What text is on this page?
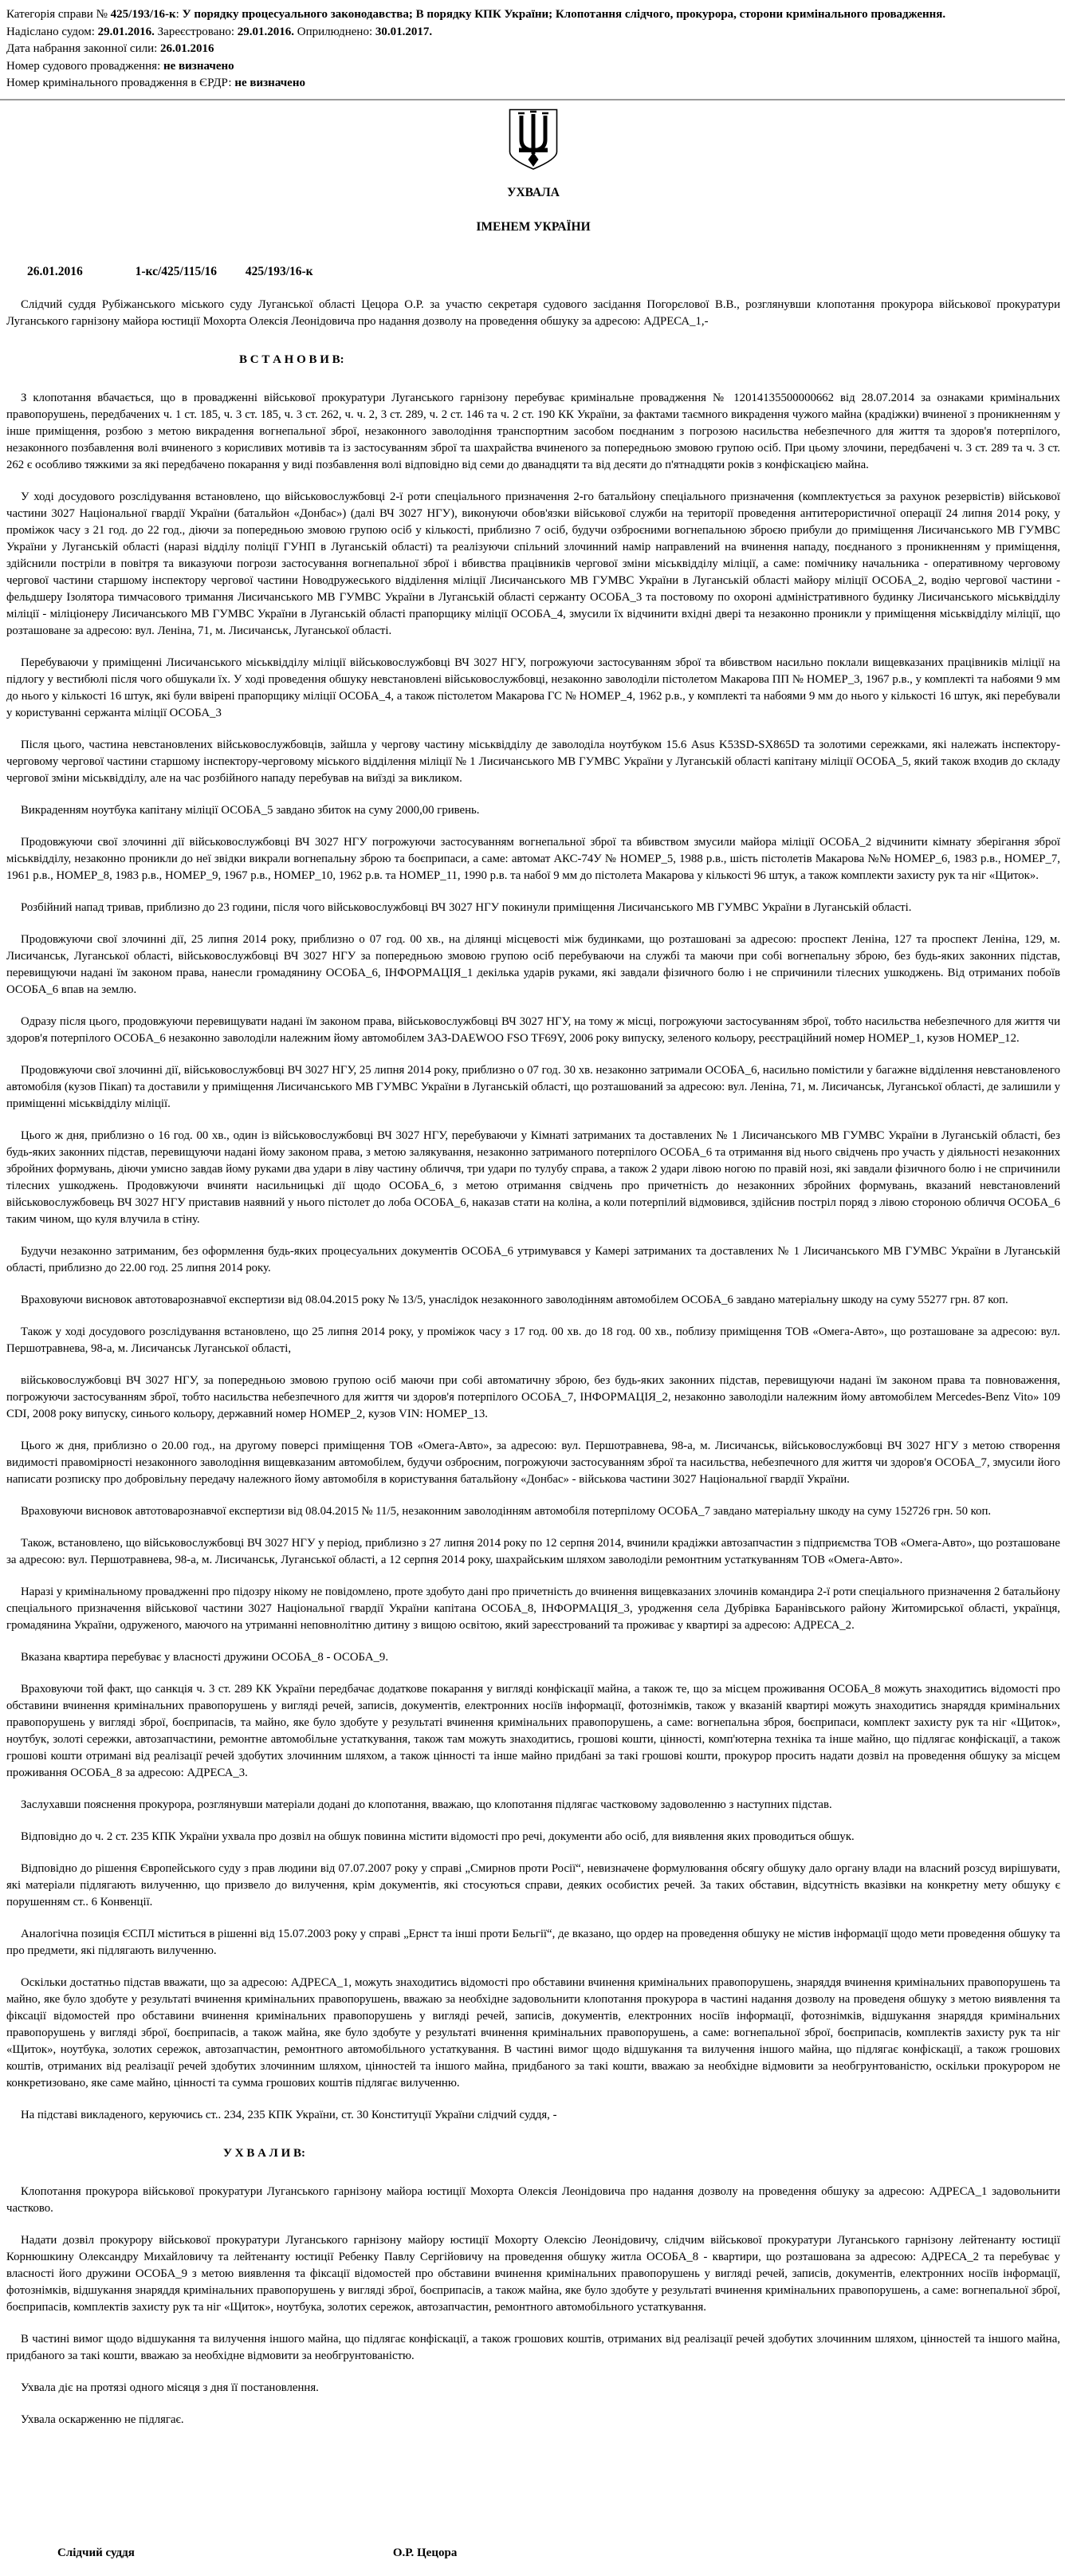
Категорія справи № 425/193/16-к: У порядку процесуального законодавства; В порядку КПК України; Клопотання слідчого, прокурора, сторони кримінального провадження.
Надіслано судом: 29.01.2016. Зареєстровано: 29.01.2016. Оприлюднено: 30.01.2017.
Дата набрання законної сили: 26.01.2016
Номер судового провадження: не визначено
Номер кримінального провадження в ЄРДР: не визначено
УХВАЛА
ІМЕНЕМ УКРАЇНИ
26.01.2016	1-кс/425/115/16 425/193/16-к

Слідчий суддя Рубіжанського міського суду Луганської області Цецора О.Р. за участю секретаря судового засідання Погорєлової В.В., розглянувши клопотання прокурора військової прокуратури Луганського гарнізону майора юстиції Мохорта Олексія Леонідовича про надання дозволу на проведення обшуку за адресою: АДРЕСА_1,-

В С Т А Н О В И В:

З клопотання вбачається, що в провадженні військової прокуратури Луганського гарнізону перебуває кримінальне провадження № 12014135500000662 від 28.07.2014 за ознаками кримінальних правопорушень, передбачених ч. 1 ст. 185, ч. 3 ст. 185, ч. 3 ст. 262, ч. ч. 2, 3 ст. 289, ч. 2 ст. 146 та ч. 2 ст. 190 КК України, за фактами таємного викрадення чужого майна (крадіжки) вчиненої з проникненням у інше приміщення, розбою з метою викрадення вогнепальної зброї, незаконного заволодіння транспортним засобом поєднаним з погрозою насильства небезпечного для життя та здоров'я потерпілого, незаконного позбавлення волі вчиненого з корисливих мотивів та із застосуванням зброї та шахрайства вчиненого за попередньою змовою групою осіб. При цьому злочини, передбачені ч. 3 ст. 289 та ч. 3 ст. 262 є особливо тяжкими за які передбачено покарання у виді позбавлення волі відповідно від семи до дванадцяти та від десяти до п'ятнадцяти років з конфіскацією майна.

У ході досудового розслідування встановлено, що військовослужбовці 2-ї роти спеціального призначення 2-го батальйону спеціального призначення (комплектується за рахунок резервістів) військової частини 3027 Національної гвардії України (батальйон «Донбас») (далі ВЧ 3027 НГУ), виконуючи обов'язки військової служби на території проведення антитерористичної операції 24 липня 2014 року, у проміжок часу з 21 год. до 22 год., діючи за попередньою змовою групою осіб у кількості, приблизно 7 осіб, будучи озброєними вогнепальною зброєю прибули до приміщення Лисичанського МВ ГУМВС України у Луганській області (наразі відділу поліції ГУНП в Луганській області) та реалізуючи спільний злочинний намір направлений на вчинення нападу, поєднаного з проникненням у приміщення, здійснили постріли в повітря та виказуючи погрози застосування вогнепальної зброї і вбивства працівників чергової зміни міськвідділу міліції, а саме: помічнику начальника - оперативному черговому чергової частини старшому інспектору чергової частини Новодружеського відділення міліції Лисичанського МВ ГУМВС України в Луганській області майору міліції ОСОБА_2, водію чергової частини - фельдшеру Ізолятора тимчасового тримання Лисичанського МВ ГУМВС України в Луганській області сержанту ОСОБА_3 та постовому по охороні адміністративного будинку Лисичанського міськвідділу міліції - міліціонеру Лисичанського МВ ГУМВС України в Луганській області прапорщику міліції ОСОБА_4, змусили їх відчинити вхідні двері та незаконно проникли у приміщення міськвідділу міліції, що розташоване за адресою: вул. Леніна, 71, м. Лисичанськ, Луганської області.

Перебуваючи у приміщенні Лисичанського міськвідділу міліції військовослужбовці ВЧ 3027 НГУ, погрожуючи застосуванням зброї та вбивством насильно поклали вищевказаних працівників міліції на підлогу у вестибюлі після чого обшукали їх. У ході проведення обшуку невстановлені військовослужбовці, незаконно заволоділи пістолетом Макарова ПП № НОМЕР_3, 1967 р.в., у комплекті та набоями 9 мм до нього у кількості 16 штук, які були ввірені прапорщику міліції ОСОБА_4, а також пістолетом Макарова ГС № НОМЕР_4, 1962 р.в., у комплекті та набоями 9 мм до нього у кількості 16 штук, які перебували у користуванні сержанта міліції ОСОБА_3

Після цього, частина невстановлених військовослужбовців, зайшла у чергову частину міськвідділу де заволоділа ноутбуком 15.6 Asus K53SD-SX865D та золотими сережками, які належать інспектору-черговому чергової частини старшому інспектору-черговому міського відділення міліції № 1 Лисичанського МВ ГУМВС України у Луганській області капітану міліції ОСОБА_5, який також входив до складу чергової зміни міськвідділу, але на час розбійного нападу перебував на виїзді за викликом.

Викраденням ноутбука капітану міліції ОСОБА_5 завдано збиток на суму 2000,00 гривень.

Продовжуючи свої злочинні дії військовослужбовці ВЧ 3027 НГУ погрожуючи застосуванням вогнепальної зброї та вбивством змусили майора міліції ОСОБА_2 відчинити кімнату зберігання зброї міськвідділу, незаконно проникли до неї звідки викрали вогнепальну зброю та боєприпаси, а саме: автомат АКС-74У № НОМЕР_5, 1988 р.в., шість пістолетів Макарова №№ НОМЕР_6, 1983 р.в., НОМЕР_7, 1961 р.в., НОМЕР_8, 1983 р.в., НОМЕР_9, 1967 р.в., НОМЕР_10, 1962 р.в. та НОМЕР_11, 1990 р.в. та набої 9 мм до пістолета Макарова у кількості 96 штук, а також комплекти захисту рук та ніг «Щиток».

Розбійний напад тривав, приблизно до 23 години, після чого військовослужбовці ВЧ 3027 НГУ покинули приміщення Лисичанського МВ ГУМВС України в Луганській області.

Продовжуючи свої злочинні дії, 25 липня 2014 року, приблизно о 07 год. 00 хв., на ділянці місцевості між будинками, що розташовані за адресою: проспект Леніна, 127 та проспект Леніна, 129, м. Лисичанськ, Луганської області, військовослужбовці ВЧ 3027 НГУ за попередньою змовою групою осіб перебуваючи на службі та маючи при собі вогнепальну зброю, без будь-яких законних підстав, перевищуючи надані їм законом права, нанесли громадянину ОСОБА_6, ІНФОРМАЦІЯ_1 декілька ударів руками, які завдали фізичного болю і не спричинили тілесних ушкоджень. Від отриманих побоїв ОСОБА_6 впав на землю.

Одразу після цього, продовжуючи перевищувати надані їм законом права, військовослужбовці ВЧ 3027 НГУ, на тому ж місці, погрожуючи застосуванням зброї, тобто насильства небезпечного для життя чи здоров'я потерпілого ОСОБА_6 незаконно заволоділи належним йому автомобілем ЗАЗ-DAEWOO FSO TF69Y, 2006 року випуску, зеленого кольору, реєстраційний номер НОМЕР_1, кузов НОМЕР_12.

Продовжуючи свої злочинні дії, військовослужбовці ВЧ 3027 НГУ, 25 липня 2014 року, приблизно о 07 год. 30 хв. незаконно затримали ОСОБА_6, насильно помістили у багажне відділення невстановленого автомобіля (кузов Пікап) та доставили у приміщення Лисичанського МВ ГУМВС України в Луганській області, що розташований за адресою: вул. Леніна, 71, м. Лисичанськ, Луганської області, де залишили у приміщенні міськвідділу міліції.

Цього ж дня, приблизно о 16 год. 00 хв., один із військовослужбовці ВЧ 3027 НГУ, перебуваючи у Кімнаті затриманих та доставлених № 1 Лисичанського МВ ГУМВС України в Луганській області, без будь-яких законних підстав, перевищуючи надані йому законом права, з метою залякування, незаконно затриманого потерпілого ОСОБА_6 та отримання від нього свідчень про участь у діяльності незаконних збройних формувань, діючи умисно завдав йому руками два удари в ліву частину обличчя, три удари по тулубу справа, а також 2 удари лівою ногою по правій нозі, які завдали фізичного болю і не спричинили тілесних ушкоджень. Продовжуючи вчиняти насильницькі дії щодо ОСОБА_6, з метою отримання свідчень про причетність до незаконних збройних формувань, вказаний невстановлений військовослужбовець ВЧ 3027 НГУ приставив наявний у нього пістолет до лоба ОСОБА_6, наказав стати на коліна, а коли потерпілий відмовився, здійснив постріл поряд з лівою стороною обличчя ОСОБА_6 таким чином, що куля влучила в стіну.

Будучи незаконно затриманим, без оформлення будь-яких процесуальних документів ОСОБА_6 утримувався у Камері затриманих та доставлених № 1 Лисичанського МВ ГУМВС України в Луганській області, приблизно до 22.00 год. 25 липня 2014 року.

Враховуючи висновок автотоварознавчої експертизи від 08.04.2015 року № 13/5, унаслідок незаконного заволодінням автомобілем ОСОБА_6 завдано матеріальну шкоду на суму 55277 грн. 87 коп.

Також у ході досудового розслідування встановлено, що 25 липня 2014 року, у проміжок часу з 17 год. 00 хв. до 18 год. 00 хв., поблизу приміщення ТОВ «Омега-Авто», що розташоване за адресою: вул. Першотравнева, 98-а, м. Лисичанськ Луганської області,

військовослужбовці ВЧ 3027 НГУ, за попередньою змовою групою осіб маючи при собі автоматичну зброю, без будь-яких законних підстав, перевищуючи надані їм законом права та повноваження, погрожуючи застосуванням зброї, тобто насильства небезпечного для життя чи здоров'я потерпілого ОСОБА_7, ІНФОРМАЦІЯ_2, незаконно заволоділи належним йому автомобілем Mercedes-Benz Vito» 109 CDI, 2008 року випуску, синього кольору, державний номер НОМЕР_2, кузов VIN: НОМЕР_13.

Цього ж дня, приблизно о 20.00 год., на другому поверсі приміщення ТОВ «Омега-Авто», за адресою: вул. Першотравнева, 98-а, м. Лисичанськ, військовослужбовці ВЧ 3027 НГУ з метою створення видимості правомірності незаконного заволодіння вищевказаним автомобілем, будучи озброєним, погрожуючи застосуванням зброї та насильства, небезпечного для життя чи здоров'я ОСОБА_7, змусили його написати розписку про добровільну передачу належного йому автомобіля в користування батальйону «Донбас» - військова частини 3027 Національної гвардії України.

Враховуючи висновок автотоварознавчої експертизи від 08.04.2015 № 11/5, незаконним заволодінням автомобіля потерпілому ОСОБА_7 завдано матеріальну шкоду на суму 152726 грн. 50 коп.

Також, встановлено, що військовослужбовці ВЧ 3027 НГУ у період, приблизно з 27 липня 2014 року по 12 серпня 2014, вчинили крадіжки автозапчастин з підприємства ТОВ «Омега-Авто», що розташоване за адресою: вул. Першотравнева, 98-а, м. Лисичанськ, Луганської області, а 12 серпня 2014 року, шахрайським шляхом заволоділи ремонтним устаткуванням ТОВ «Омега-Авто».

Наразі у кримінальному провадженні про підозру нікому не повідомлено, проте здобуто дані про причетність до вчинення вищевказаних злочинів командира 2-ї роти спеціального призначення 2 батальйону спеціального призначення військової частини 3027 Національної гвардії України капітана ОСОБА_8, ІНФОРМАЦІЯ_3, уродження села Дубрівка Баранівського району Житомирської області, українця, громадянина України, одруженого, маючого на утриманні неповнолітню дитину з вищою освітою, який зареєстрований та проживає у квартирі за адресою: АДРЕСА_2.

Вказана квартира перебуває у власності дружини ОСОБА_8 - ОСОБА_9.

Враховуючи той факт, що санкція ч. 3 ст. 289 КК України передбачає додаткове покарання у вигляді конфіскації майна, а також те, що за місцем проживання ОСОБА_8 можуть знаходитись відомості про обставини вчинення кримінальних правопорушень у вигляді речей, записів, документів, електронних носіїв інформації, фотознімків, також у вказаній квартирі можуть знаходитись знаряддя кримінальних правопорушень у вигляді зброї, боєприпасів, та майно, яке було здобуте у результаті вчинення кримінальних правопорушень, а саме: вогнепальна зброя, боєприпаси, комплект захисту рук та ніг «Щиток», ноутбук, золоті сережки, автозапчастини, ремонтне автомобільне устаткування, також там можуть знаходитись, грошові кошти, цінності, комп'ютерна техніка та інше майно, що підлягає конфіскації, а також грошові кошти отримані від реалізації речей здобутих злочинним шляхом, а також цінності та інше майно придбані за такі грошові кошти, прокурор просить надати дозвіл на проведення обшуку за місцем проживання ОСОБА_8 за адресою: АДРЕСА_3.

Заслухавши пояснення прокурора, розглянувши матеріали додані до клопотання, вважаю, що клопотання підлягає частковому задоволенню з наступних підстав.

Відповідно до ч. 2 ст. 235 КПК України ухвала про дозвіл на обшук повинна містити відомості про речі, документи або осіб, для виявлення яких проводиться обшук.

Відповідно до рішення Європейського суду з прав людини від 07.07.2007 року у справі „Смирнов проти Росії“, невизначене формулювання обсягу обшуку дало органу влади на власний розсуд вирішувати, які матеріали підлягають вилученню, що призвело до вилучення, крім документів, які стосуються справи, деяких особистих речей. За таких обставин, відсутність вказівки на конкретну мету обшуку є порушенням ст.. 6 Конвенції.

Аналогічна позиція ЄСПЛ міститься в рішенні від 15.07.2003 року у справі „Ернст та інші проти Бельгії“, де вказано, що ордер на проведення обшуку не містив інформації щодо мети проведення обшуку та про предмети, які підлягають вилученню.

Оскільки достатньо підстав вважати, що за адресою: АДРЕСА_1, можуть знаходитись відомості про обставини вчинення кримінальних правопорушень, знаряддя вчинення кримінальних правопорушень та майно, яке було здобуте у результаті вчинення кримінальних правопорушень, вважаю за необхідне задовольнити клопотання прокурора в частині надання дозволу на проведеня обшуку з метою виявлення та фіксації відомостей про обставини вчинення кримінальних правопорушень у вигляді речей, записів, документів, електронних носіїв інформації, фотознімків, відшукання знаряддя кримінальних правопорушень у вигляді зброї, боєприпасів, а також майна, яке було здобуте у результаті вчинення кримінальних правопорушень, а саме: вогнепальної зброї, боєприпасів, комплектів захисту рук та ніг «Щиток», ноутбука, золотих сережок, автозапчастин, ремонтного автомобільного устаткування. В частині вимог щодо відшукання та вилучення іншого майна, що підлягає конфіскації, а також грошових коштів, отриманих від реалізації речей здобутих злочинним шляхом, цінностей та іншого майна, придбаного за такі кошти, вважаю за необхідне відмовити за необгрунтованістю, оскільки прокурором не конкретизовано, яке саме майно, цінності та сумма грошових коштів підлягає вилученню.

На підставі викладеного, керуючись ст.. 234, 235 КПК України, ст. 30 Конституції України слідчий суддя, -

У Х В А Л И В:

Клопотання прокурора військової прокуратури Луганського гарнізону майора юстиції Мохорта Олексія Леонідовича про надання дозволу на проведення обшуку за адресою: АДРЕСА_1 задовольнити частково.

Надати дозвіл прокурору військової прокуратури Луганського гарнізону майору юстиції Мохорту Олексію Леонідовичу, слідчим військової прокуратури Луганського гарнізону лейтенанту юстиції Корнюшкину Олександру Михайловичу та лейтенанту юстиції Ребенку Павлу Сергійовичу на проведення обшуку житла ОСОБА_8 - квартири, що розташована за адресою: АДРЕСА_2 та перебуває у власності його дружини ОСОБА_9 з метою виявлення та фіксації відомостей про обставини вчинення кримінальних правопорушень у вигляді речей, записів, документів, електронних носіїв інформації, фотознімків, відшукання знаряддя кримінальних правопорушень у вигляді зброї, боєприпасів, а також майна, яке було здобуте у результаті вчинення кримінальних правопорушень, а саме: вогнепальної зброї, боєприпасів, комплектів захисту рук та ніг «Щиток», ноутбука, золотих сережок, автозапчастин, ремонтного автомобільного устаткування.

В частині вимог щодо відшукання та вилучення іншого майна, що підлягає конфіскації, а також грошових коштів, отриманих від реалізації речей здобутих злочинним шляхом, цінностей та іншого майна, придбаного за такі кошти, вважаю за необхідне відмовити за необгрунтованістю.

Ухвала діє на протязі одного місяця з дня її постановлення.

Ухвала оскарженню не підлягає.

Слідчий суддя	О.Р. Цецора
